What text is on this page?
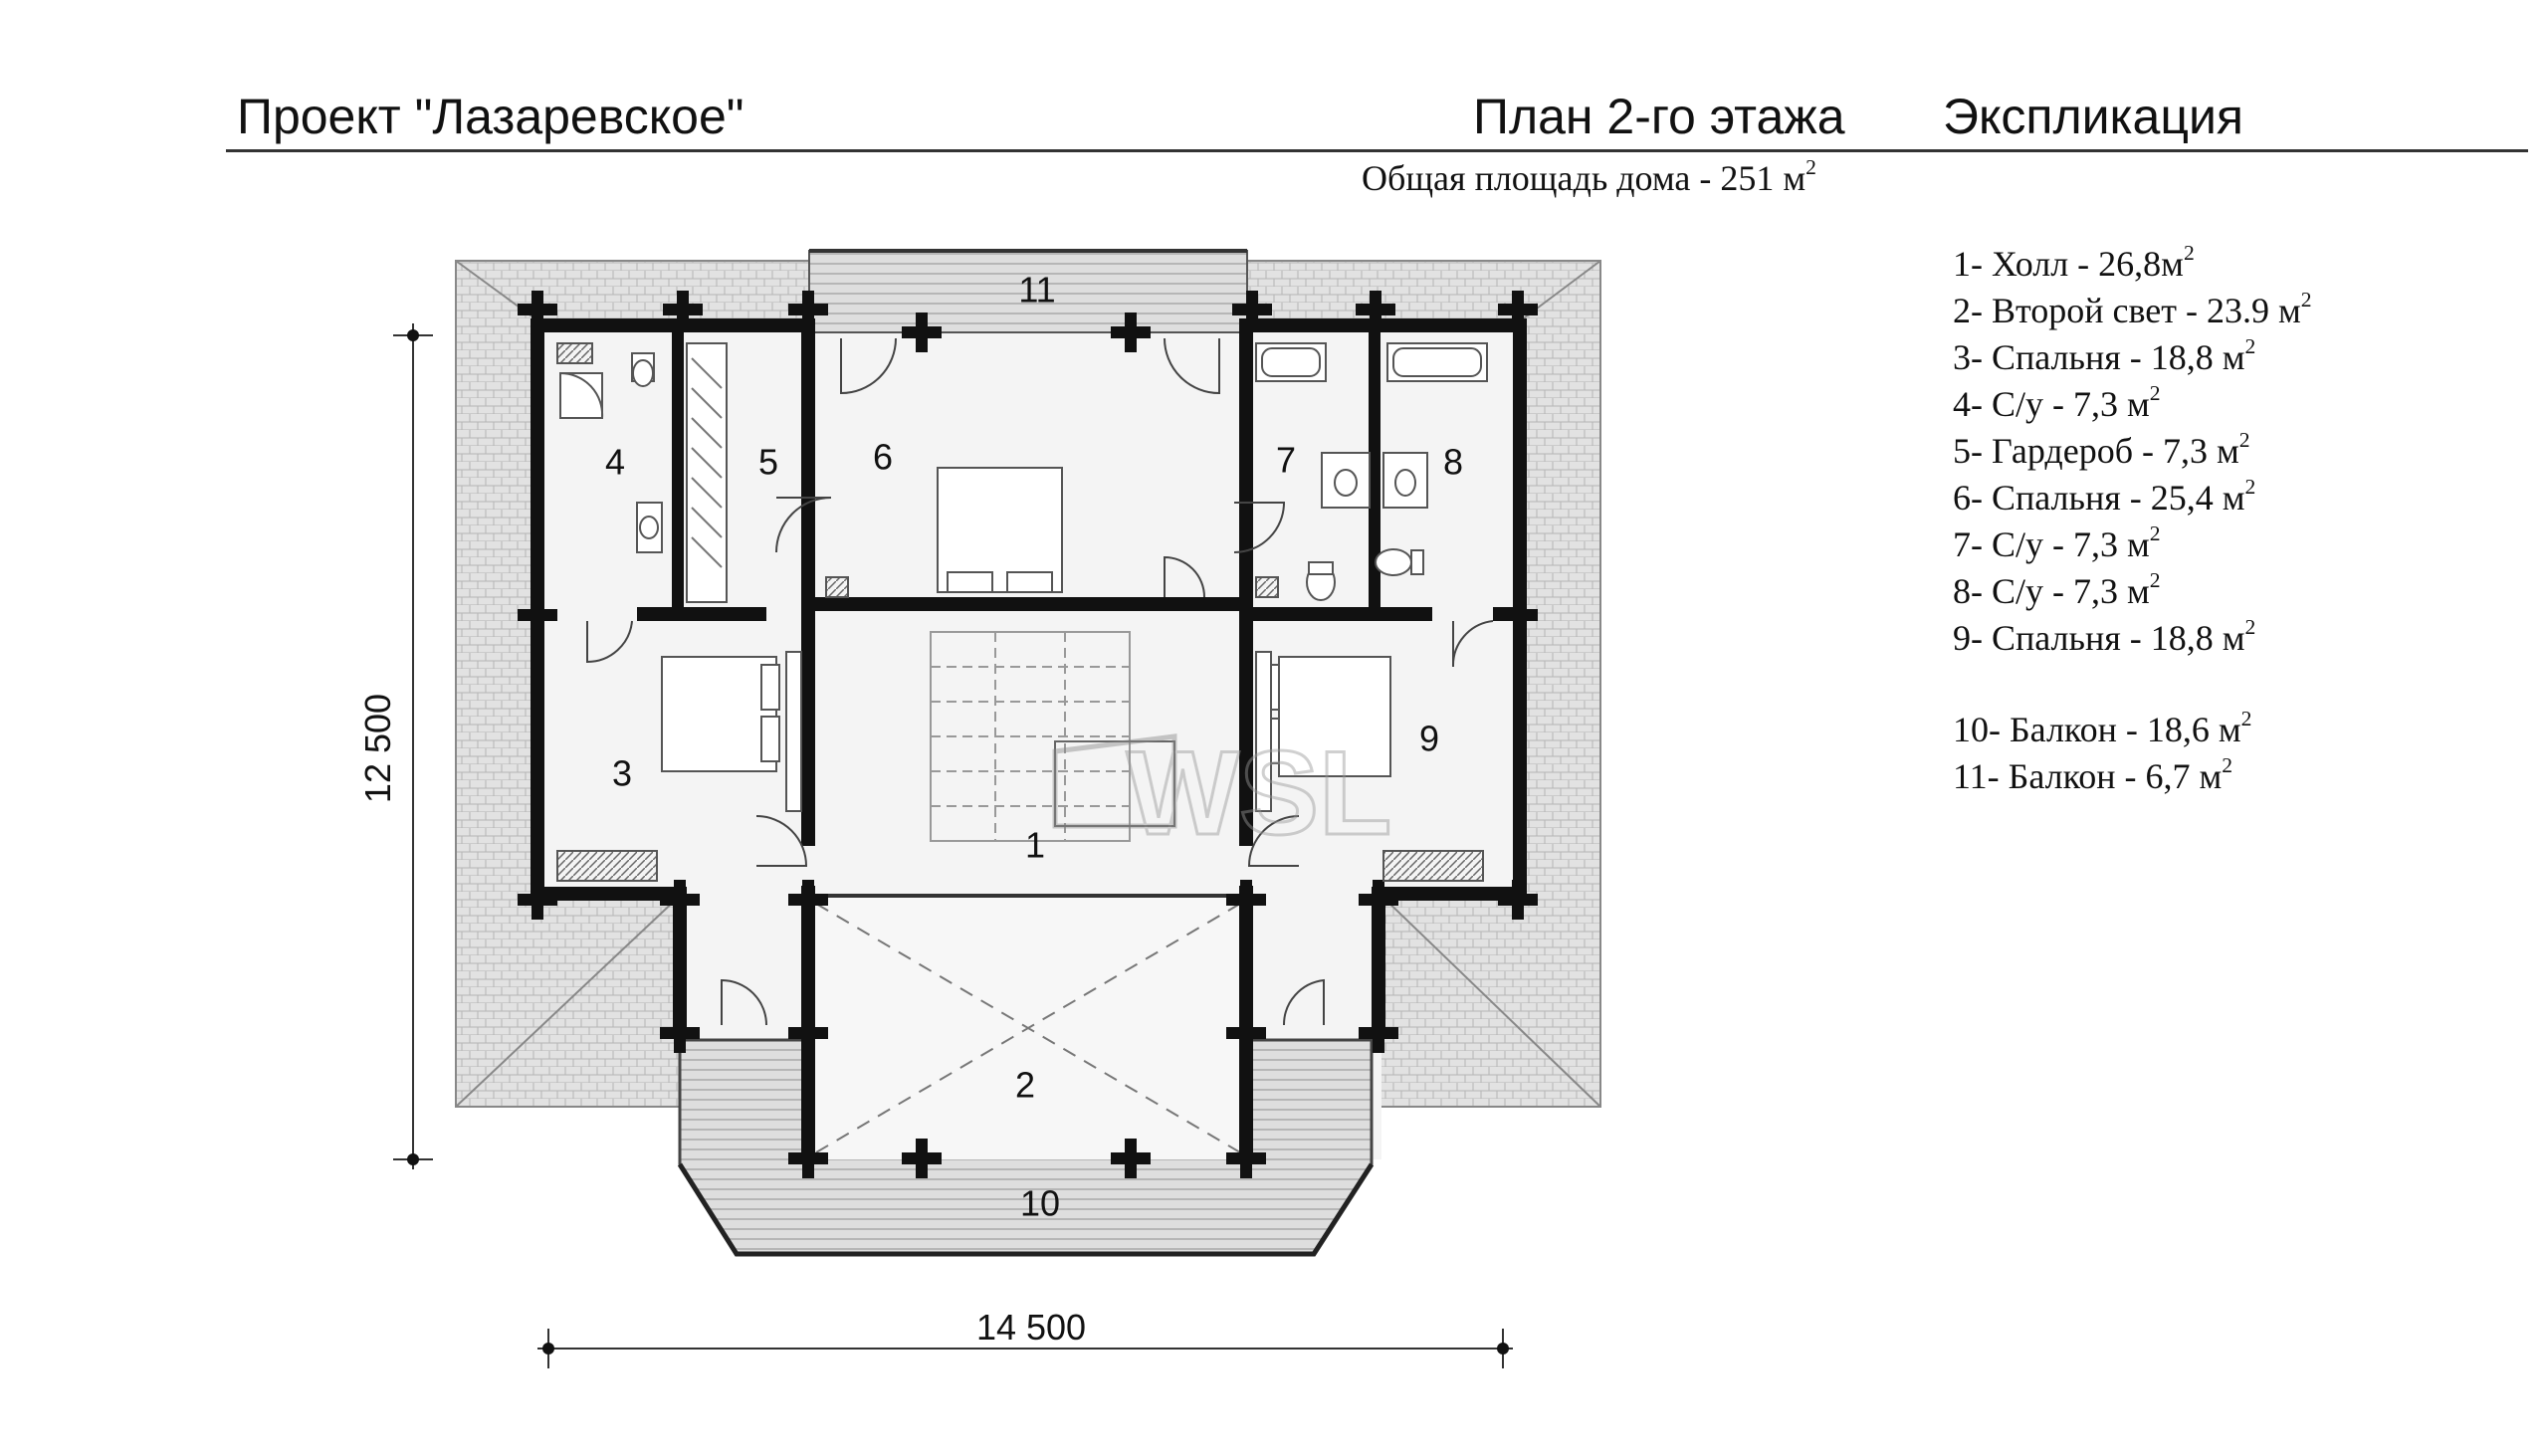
Проект "Лазаревское"	План 2-го этажа Экспликация
Общая площадь дома - 251 $м^2$
1- Холл - $26,8м^2$
2- Второй свет - 23.9 $м^2$
3- Спальня - 18,8 $м^2$
4- С/у - 7,3 $м^2$
5- Гардероб - 7,3 $м^2$
6- Спальня - 25,4 $м^2$
7- С/у - 7,3 $м^2$
8- С/у - 7,3 $м^2$
9- Спальня - 18,8 $м^2$
10- Балкон - 18,6 $м^2$
11- Балкон - 6,7 $м^2$
WSL
1
2
3
4	5	6	7	8
9
10
11
12 500
14 500
